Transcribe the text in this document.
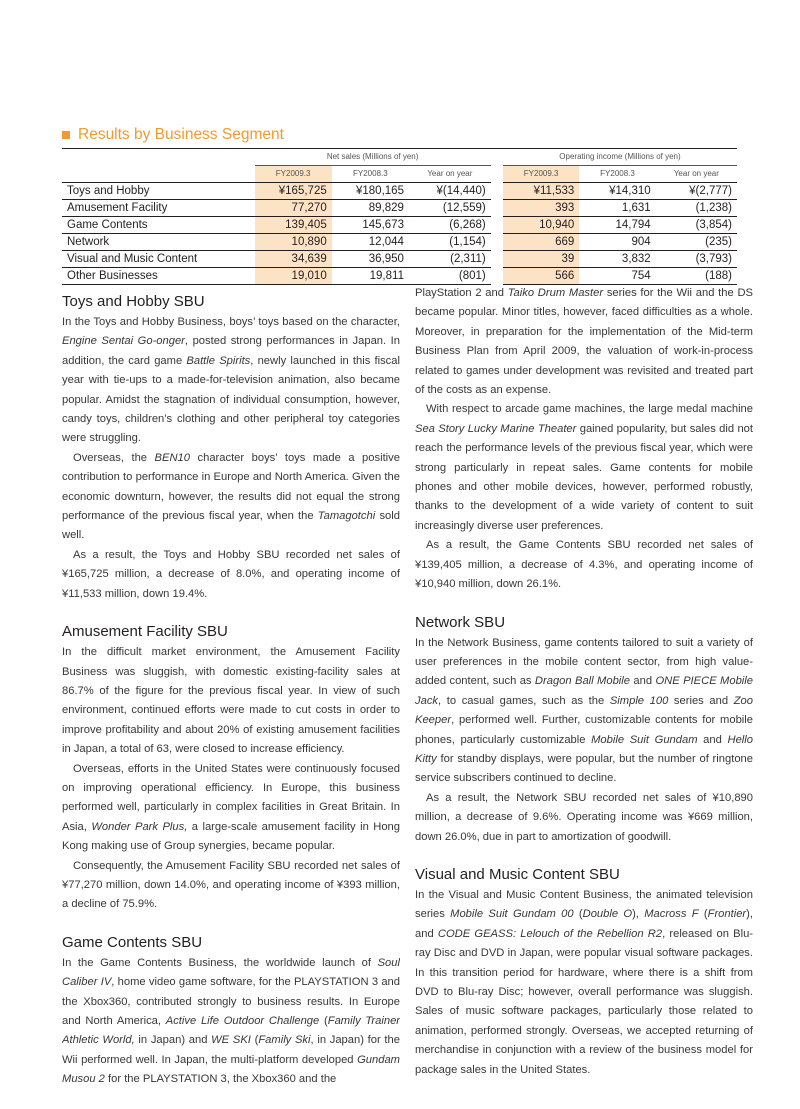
Results by Business Segment
	Net sales (Millions of yen)				Operating income (Millions of yen)		
	FY2009.3	FY2008.3	Year on year		FY2009.3	FY2008.3	Year on year
Toys and Hobby	¥165,725	¥180,165	¥(14,440)		¥11,533	¥14,310	¥(2,777)
Amusement Facility	77,270	89,829	(12,559)		393	1,631	(1,238)
Game Contents	139,405	145,673	(6,268)		10,940	14,794	(3,854)
Network	10,890	12,044	(1,154)		669	904	(235)
Visual and Music Content	34,639	36,950	(2,311)		39	3,832	(3,793)
Other Businesses	19,010	19,811	(801)		566	754	(188)
Toys and Hobby SBU

In the Toys and Hobby Business, boys’ toys based on the character, Engine Sentai Go-onger, posted strong performances in Japan. In addition, the card game Battle Spirits, newly launched in this fiscal year with tie-ups to a made-for-television animation, also became popular. Amidst the stagnation of individual consumption, however, candy toys, children’s clothing and other peripheral toy categories were struggling.

Overseas, the BEN10 character boys’ toys made a positive contribution to performance in Europe and North America. Given the economic downturn, however, the results did not equal the strong performance of the previous fiscal year, when the Tamagotchi sold well.

As a result, the Toys and Hobby SBU recorded net sales of ¥165,725 million, a decrease of 8.0%, and operating income of ¥11,533 million, down 19.4%.

Amusement Facility SBU

In the difficult market environment, the Amusement Facility Business was sluggish, with domestic existing-facility sales at 86.7% of the figure for the previous fiscal year. In view of such environment, continued efforts were made to cut costs in order to improve profitability and about 20% of existing amusement facilities in Japan, a total of 63, were closed to increase efficiency.

Overseas, efforts in the United States were continuously focused on improving operational efficiency. In Europe, this business performed well, particularly in complex facilities in Great Britain. In Asia, Wonder Park Plus, a large-scale amusement facility in Hong Kong making use of Group synergies, became popular.

Consequently, the Amusement Facility SBU recorded net sales of ¥77,270 million, down 14.0%, and operating income of ¥393 million, a decline of 75.9%.

Game Contents SBU

In the Game Contents Business, the worldwide launch of Soul Caliber IV, home video game software, for the PLAYSTATION 3 and the Xbox360, contributed strongly to business results. In Europe and North America, Active Life Outdoor Challenge (Family Trainer Athletic World, in Japan) and WE SKI (Family Ski, in Japan) for the Wii performed well. In Japan, the multi-platform developed Gundam Musou 2 for the PLAYSTATION 3, the Xbox360 and the

PlayStation 2 and Taiko Drum Master series for the Wii and the DS became popular. Minor titles, however, faced difficulties as a whole. Moreover, in preparation for the implementation of the Mid-term Business Plan from April 2009, the valuation of work-in-process related to games under development was revisited and treated part of the costs as an expense.

With respect to arcade game machines, the large medal machine Sea Story Lucky Marine Theater gained popularity, but sales did not reach the performance levels of the previous fiscal year, which were strong particularly in repeat sales. Game contents for mobile phones and other mobile devices, however, performed robustly, thanks to the development of a wide variety of content to suit increasingly diverse user preferences.

As a result, the Game Contents SBU recorded net sales of ¥139,405 million, a decrease of 4.3%, and operating income of ¥10,940 million, down 26.1%.

Network SBU

In the Network Business, game contents tailored to suit a variety of user preferences in the mobile content sector, from high value-added content, such as Dragon Ball Mobile and ONE PIECE Mobile Jack, to casual games, such as the Simple 100 series and Zoo Keeper, performed well. Further, customizable contents for mobile phones, particularly customizable Mobile Suit Gundam and Hello Kitty for standby displays, were popular, but the number of ringtone service subscribers continued to decline.

As a result, the Network SBU recorded net sales of ¥10,890 million, a decrease of 9.6%. Operating income was ¥669 million, down 26.0%, due in part to amortization of goodwill.

Visual and Music Content SBU

In the Visual and Music Content Business, the animated television series Mobile Suit Gundam 00 (Double O), Macross F (Frontier), and CODE GEASS: Lelouch of the Rebellion R2, released on Blu-ray Disc and DVD in Japan, were popular visual software packages. In this transition period for hardware, where there is a shift from DVD to Blu-ray Disc; however, overall performance was sluggish. Sales of music software packages, particularly those related to animation, performed strongly. Overseas, we accepted returning of merchandise in conjunction with a review of the business model for package sales in the United States.
